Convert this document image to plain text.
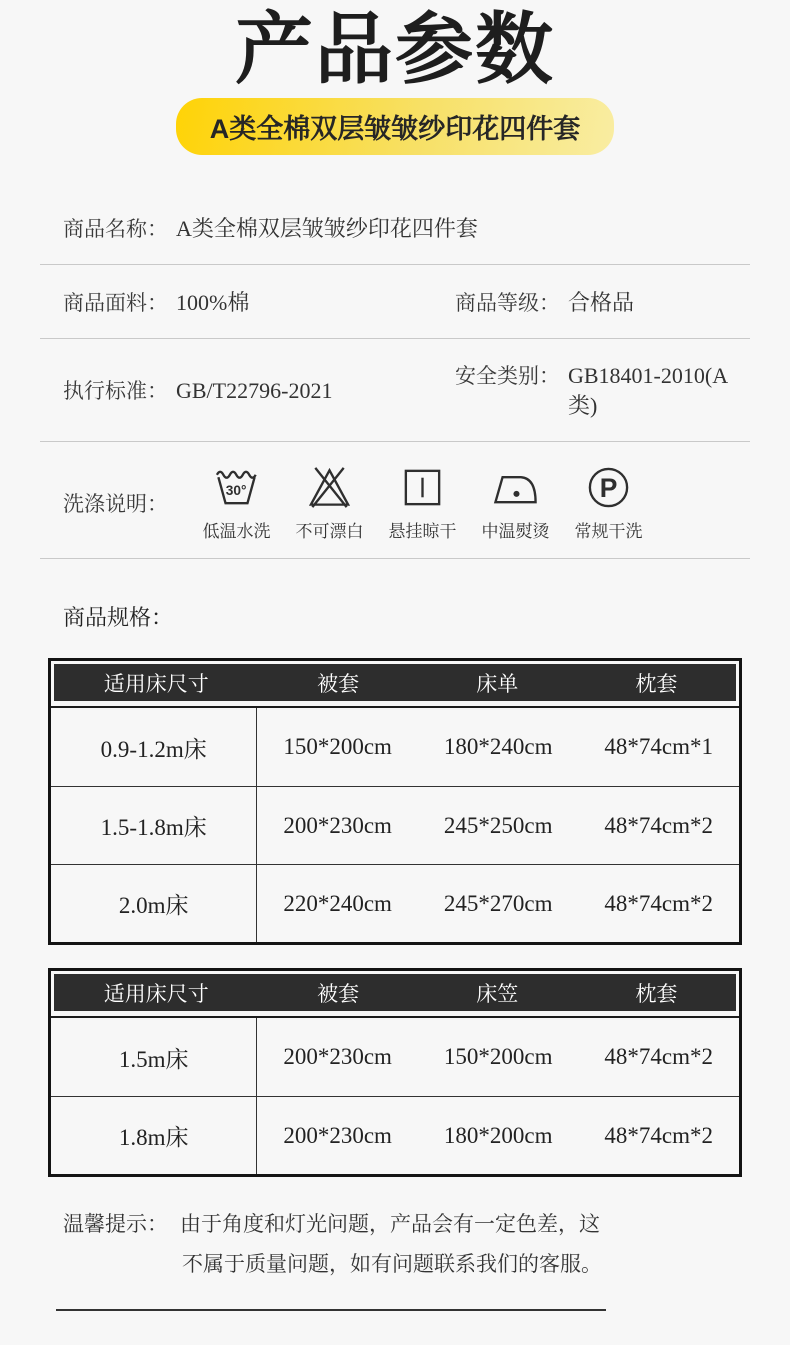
产品参数
A类全棉双层皱皱纱印花四件套
商品名称： A类全棉双层皱皱纱印花四件套
商品面料： 100%棉	商品等级： 合格品
执行标准： GB/T22796-2021
安全类别： GB18401-2010(A类)
洗涤说明：
30°
低温水洗 不可漂白 悬挂晾干 中温熨烫
P
常规干洗
商品规格：
适用床尺寸	被套	床单	枕套
0.9-1.2m床	150*200cm	180*240cm	48*74cm*1
1.5-1.8m床	200*230cm	245*250cm	48*74cm*2
2.0m床	220*240cm	245*270cm	48*74cm*2
适用床尺寸	被套	床笠	枕套
1.5m床	200*230cm	150*200cm	48*74cm*2
1.8m床	200*230cm	180*200cm	48*74cm*2
温馨提示： 由于角度和灯光问题，产品会有一定色差，这
不属于质量问题，如有问题联系我们的客服。
